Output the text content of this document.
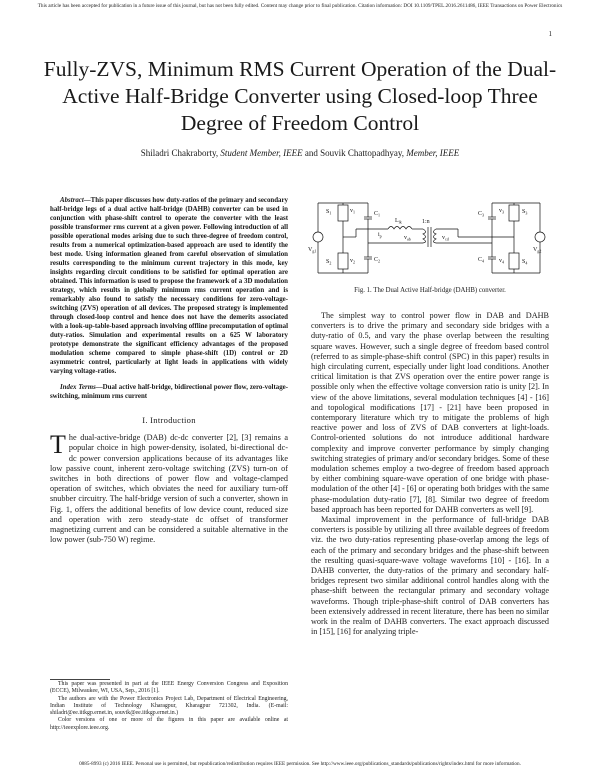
This article has been accepted for publication in a future issue of this journal, but has not been fully edited. Content may change prior to final publication. Citation information: DOI 10.1109/TPEL.2016.2611486, IEEE Transactions on Power Electronics
1
Fully-ZVS, Minimum RMS Current Operation of the Dual-Active Half-Bridge Converter using Closed-loop Three Degree of Freedom Control
Shiladri Chakraborty, Student Member, IEEE and Souvik Chattopadhyay, Member, IEEE

Abstract—This paper discusses how duty-ratios of the primary and secondary half-bridge legs of a dual active half-bridge (DAHB) converter can be used in conjunction with phase-shift control to operate the converter with the least possible transformer rms current at a given power. Following introduction of all possible operational modes arising due to such three-degree of freedom control, results from a numerical optimization-based approach are used to identify the best mode. Using information gleaned from careful observation of simulation results corresponding to the minimum current trajectory in this mode, key insights regarding circuit conditions to be satisfied for optimal operation are obtained. This information is used to propose the framework of a 3D modulation strategy, which results in globally minimum rms current operation and is remarkably also found to satisfy the necessary conditions for zero-voltage-switching (ZVS) operation of all devices. The proposed strategy is implemented through closed-loop control and hence does not have the demerits associated with a look-up-table-based approach involving offline precomputation of optimal duty-ratios. Simulation and experimental results on a 625 W laboratory prototype demonstrate the significant efficiency advantages of the proposed modulation scheme compared to simple phase-shift (1D) control or 2D asymmetric control, particularly at light loads in applications with widely varying voltage-ratios.

Index Terms—Dual active half-bridge, bidirectional power flow, zero-voltage-switching, minimum rms current

I. Introduction

The dual-active-bridge (DAB) dc-dc converter [2], [3] remains a popular choice in high power-density, isolated, bi-directional dc-dc power conversion applications because of its advantages like low passive count, inherent zero-voltage switching (ZVS) turn-on of switches in both directions of power flow and voltage-clamped operation of switches, which obviates the need for auxiliary turn-off snubber circuitry. The half-bridge version of such a converter, shown in Fig. 1, offers the additional benefits of low device count, reduced size and operation with zero steady-state dc offset of transformer magnetizing current and can be considered a suitable alternative in the low power (sub-750 W) regime.

This paper was presented in part at the IEEE Energy Conversion Congress and Exposition (ECCE), Milwaukee, WI, USA, Sep., 2016 [1].

The authors are with the Power Electronics Project Lab, Department of Electrical Engineering, Indian Institute of Technology Kharagpur, Kharagpur 721302, India. (E-mail: shiladri@ee.iitkgp.ernet.in, souvik@ee.iitkgp.ernet.in.)

Color versions of one or more of the figures in this paper are available online at http://ieeexplore.ieee.org.

$S_1$
$S_2$
$S_3$
$S_4$
$C_1$
$C_2$
$C_3$
$C_4$
$v_1$
$v_2$
$v_3$
$v_4$
$V_{g1}$	$V_{g2}$
$L_{lk}$
$i_p$	$v_{ab}$	$v_{cd}$
1:n
Fig. 1. The Dual Active Half-bridge (DAHB) converter.

The simplest way to control power flow in DAB and DAHB converters is to drive the primary and secondary side bridges with a duty-ratio of 0.5, and vary the phase overlap between the resulting square waves. However, such a single degree of freedom based control (referred to as simple-phase-shift control (SPC) in this paper) results in high circulating current, especially under light load conditions. Another critical limitation is that ZVS operation over the entire power range is possible only when the effective voltage conversion ratio is unity [2]. In view of the above limitations, several modulation techniques [4] - [16] and topological modifications [17] - [21] have been proposed in contemporary literature which try to mitigate the problems of high reactive power and loss of ZVS of DAB converters at light-loads. Control-oriented solutions do not introduce additional hardware complexity and improve converter performance by simply changing switching strategies of primary and/or secondary bridges. Some of these modulation schemes employ a two-degree of freedom based approach by either combining square-wave operation of one bridge with phase-modulation of the other [4] - [6] or operating both bridges with the same phase-modulation duty-ratio [7], [8]. Similar two degree of freedom based approach has been reported for DAHB converters as well [9].

Maximal improvement in the performance of full-bridge DAB converters is possible by utilizing all three available degrees of freedom viz. the two duty-ratios representing phase-overlap among the legs of each of the primary and secondary bridges and the phase-shift between the resulting quasi-square-wave voltage waveforms [10] - [16]. In a DAHB converter, the duty-ratios of the primary and secondary half-bridges represent two similar additional control handles along with the phase-shift between the rectangular primary and secondary voltage waveforms. Though triple-phase-shift control of DAB converters has been extensively addressed in recent literature, there has been no similar work in the realm of DAHB converters. The exact approach discussed in [15], [16] for analyzing triple-

0885-8993 (c) 2016 IEEE. Personal use is permitted, but republication/redistribution requires IEEE permission. See http://www.ieee.org/publications_standards/publications/rights/index.html for more information.
